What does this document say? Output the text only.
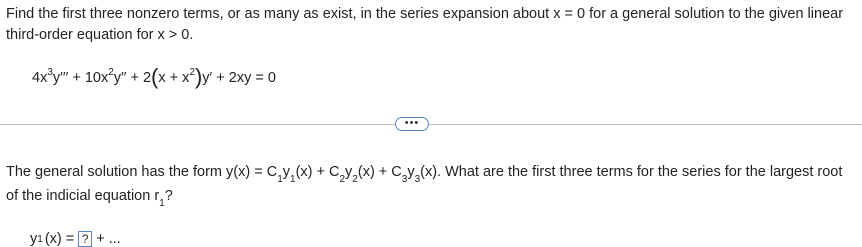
Find the first three nonzero terms, or as many as exist, in the series expansion about x = 0 for a general solution to the given linear third-order equation for x > 0.
$4x^3y''' + 10x^2y'' + 2(x + x^2)y' + 2xy = 0$
•••
The general solution has the form $y(x) = C_1y_1(x) + C_2y_2(x) + C_3y_3(x)$. What are the first three terms for the series for the largest root of the indicial equation $r_1$?
y 1 (x) = ? + ...
